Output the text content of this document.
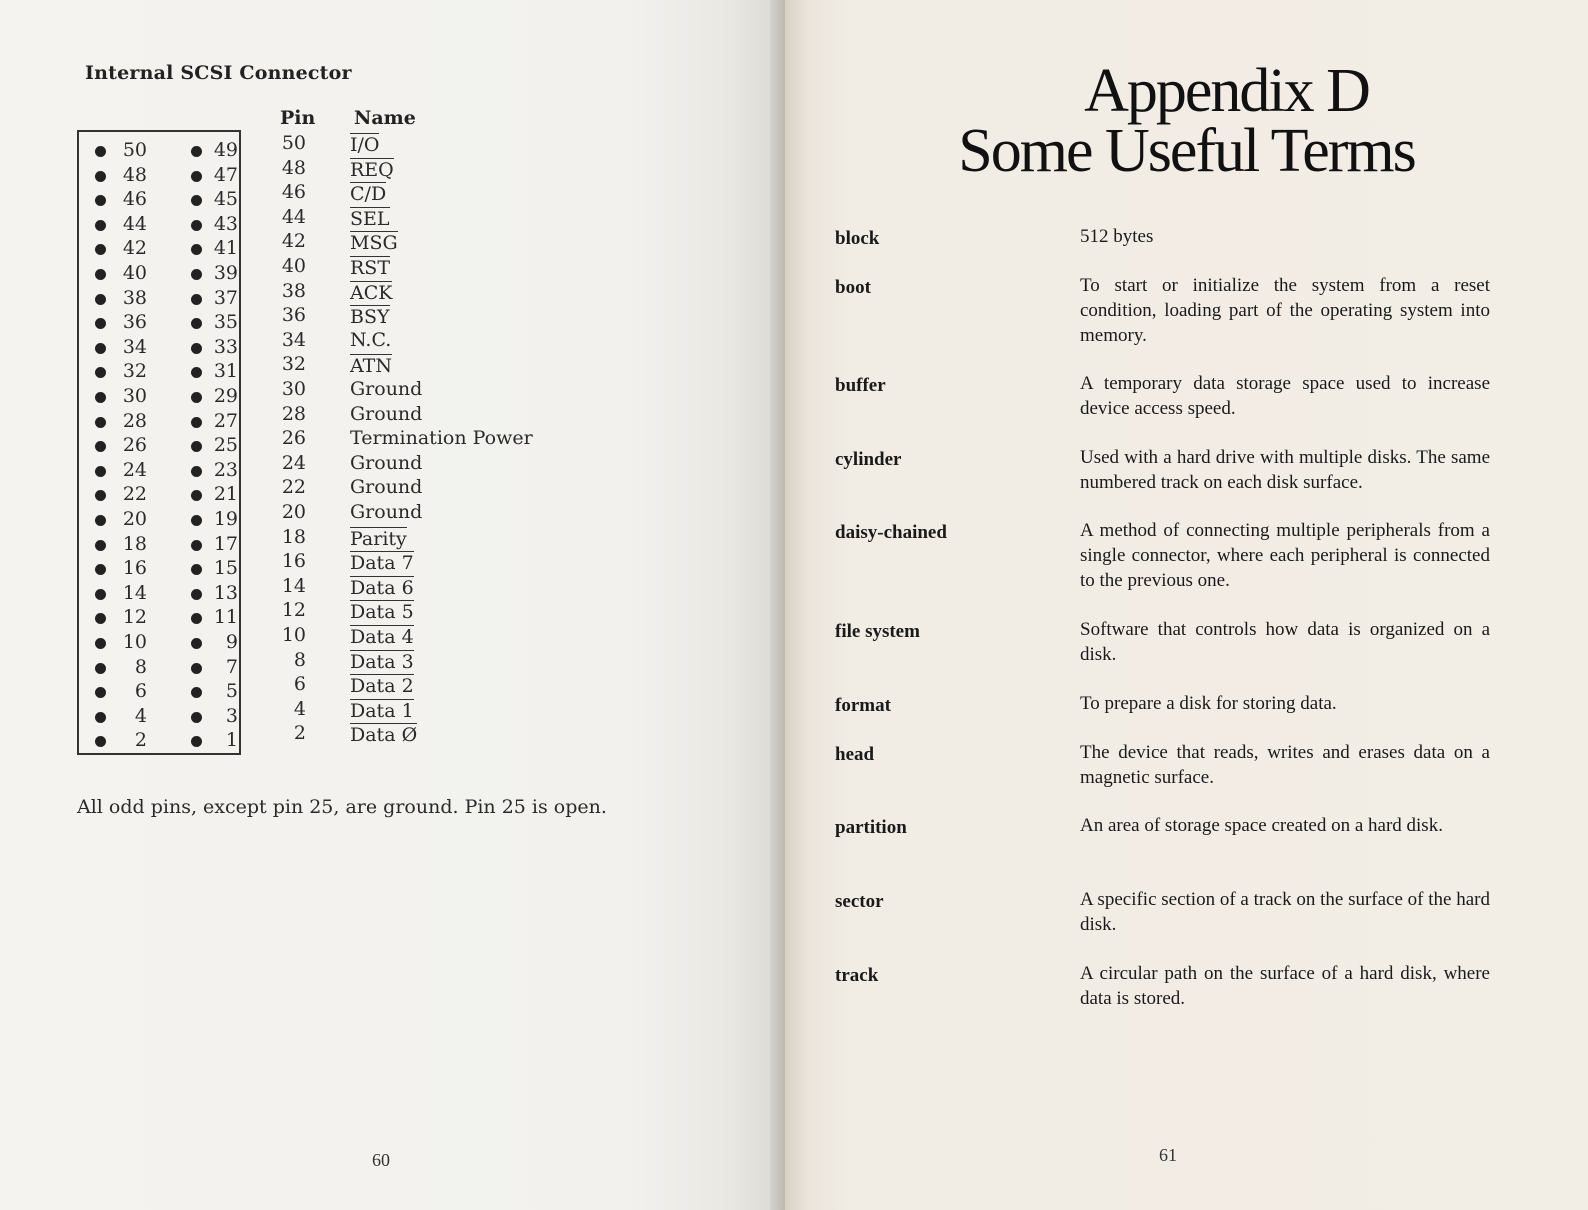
Internal SCSI Connector
50	49
48	47
46	45
44	43
42	41
40	39
38	37
36	35
34	33
32	31
30	29
28	27
26	25
24	23
22	21
20	19
18	17
16	15
14	13
12	11
10	9
8	7
6	5
4	3
2	1
Pin Name
50 I/O
48 REQ
46 C/D
44 SEL
42 MSG
40 RST
38 ACK
36 BSY
34 N.C.
32 ATN
30 Ground
28 Ground
26 Termination Power
24 Ground
22 Ground
20 Ground
18 Parity
16 Data 7
14 Data 6
12 Data 5
10 Data 4
8 Data 3
6 Data 2
4 Data 1
2 Data Ø
All odd pins, except pin 25, are ground. Pin 25 is open.
60
Appendix D
Some Useful Terms
block	512 bytes
boot	To start or initialize the system from a reset condition, loading part of the operating system into memory.
buffer	A temporary data storage space used to increase device access speed.
cylinder	Used with a hard drive with multiple disks. The same numbered track on each disk surface.
daisy-chained	A method of connecting multiple peripherals from a single connector, where each peripheral is connected to the previous one.
file system	Software that controls how data is organized on a disk.
format	To prepare a disk for storing data.
head	The device that reads, writes and erases data on a magnetic surface.
partition	An area of storage space created on a hard disk.
sector	A specific section of a track on the surface of the hard disk.
track	A circular path on the surface of a hard disk, where data is stored.
61
